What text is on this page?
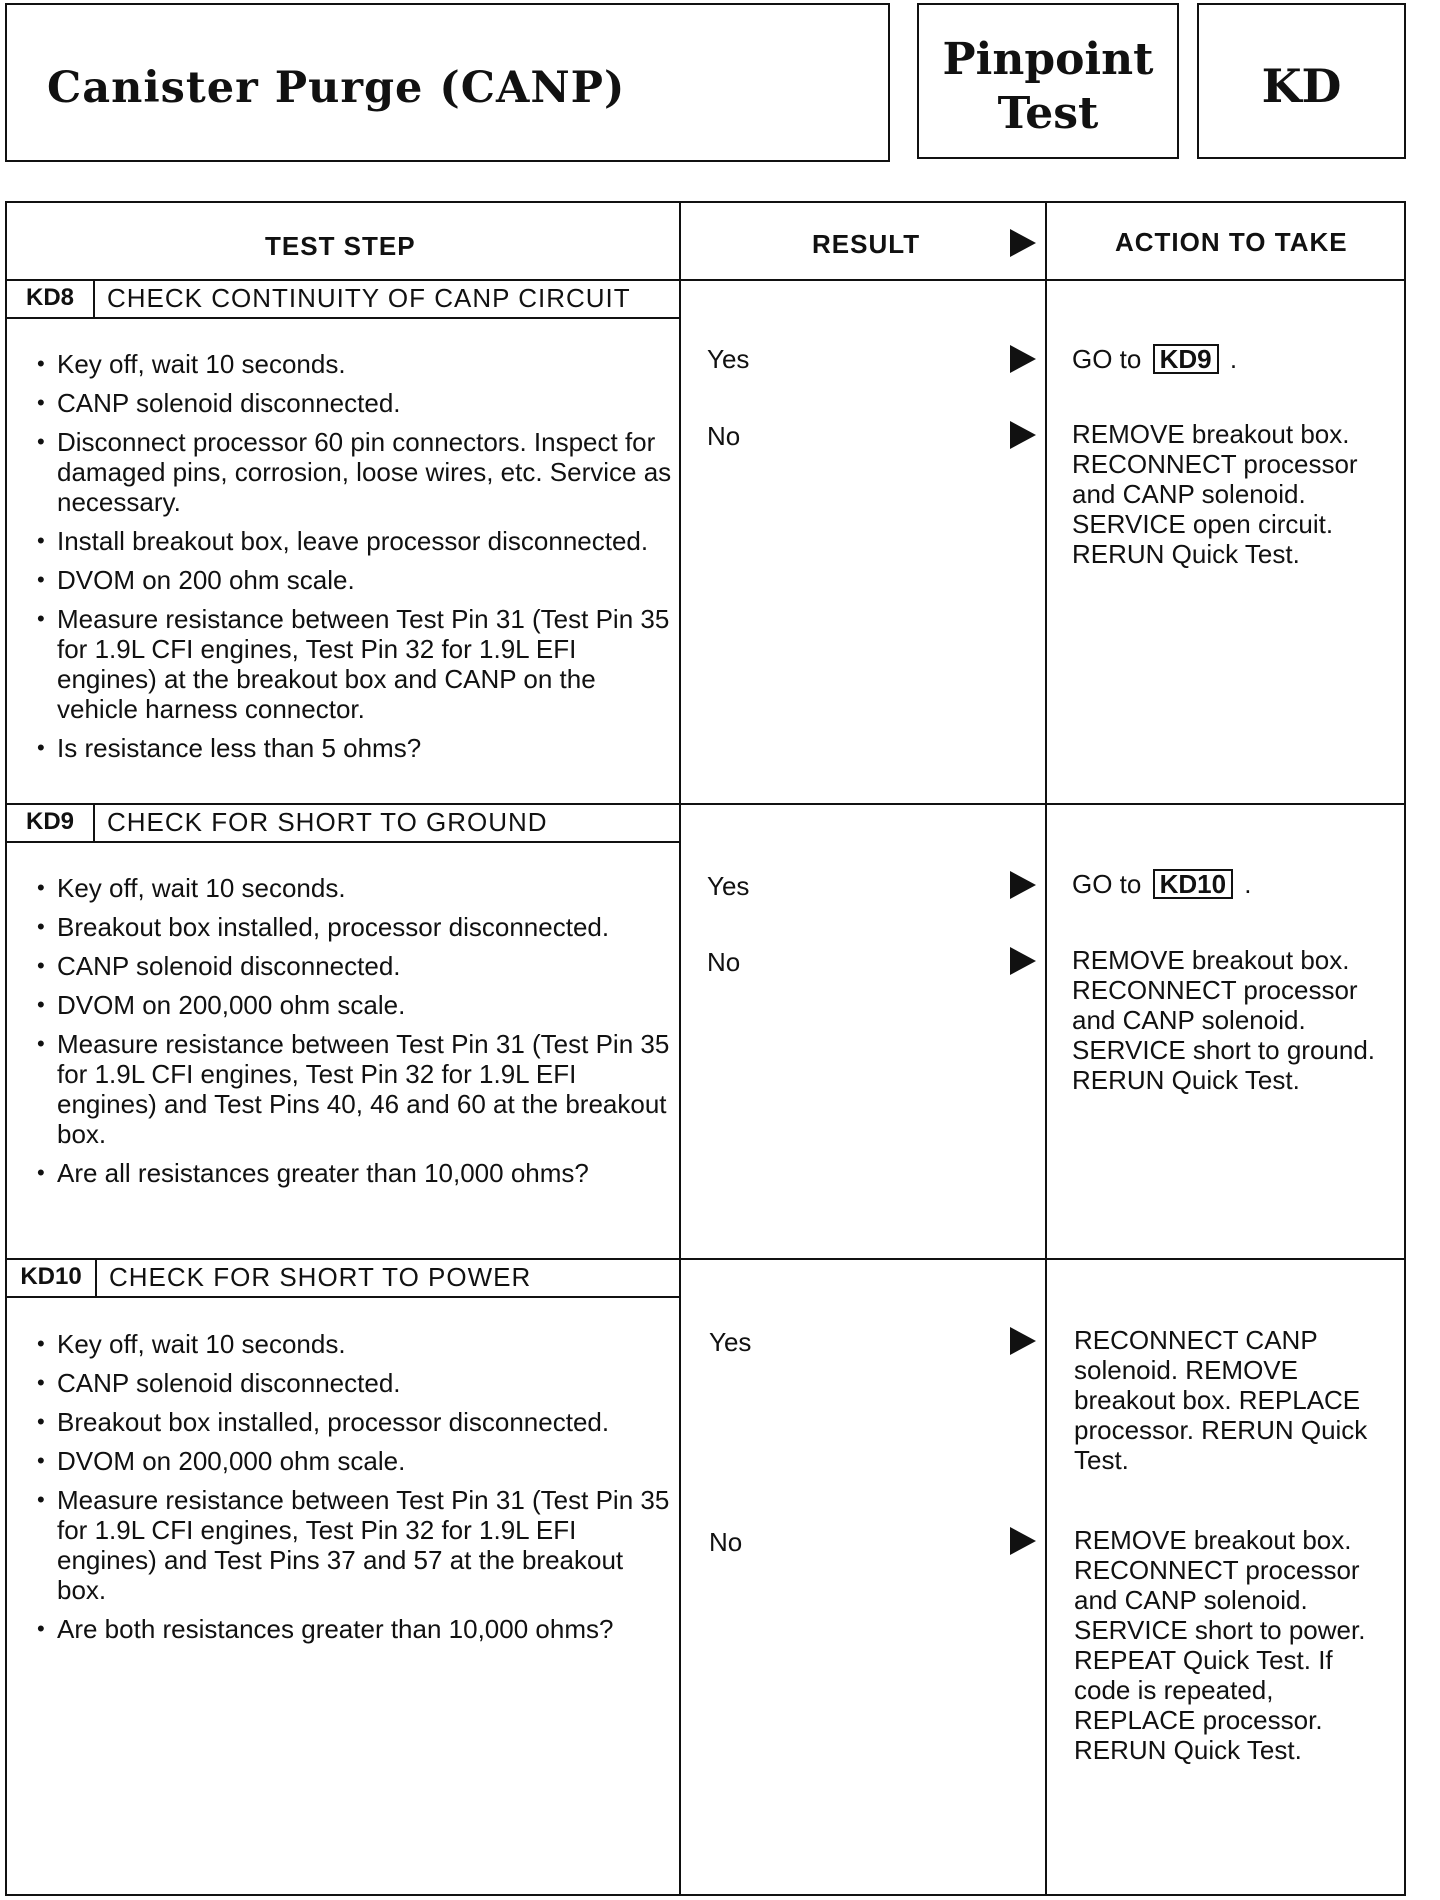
Canister Purge (CANP)
Pinpoint
Test
KD
TEST STEP	RESULT	ACTION TO TAKE
KD8	CHECK CONTINUITY OF CANP CIRCUIT
• Key off, wait 10 seconds.
• CANP solenoid disconnected.
• Disconnect processor 60 pin connectors. Inspect for damaged pins, corrosion, loose wires, etc. Service as necessary.
• Install breakout box, leave processor disconnected.
• DVOM on 200 ohm scale.
• Measure resistance between Test Pin 31 (Test Pin 35 for 1.9L CFI engines, Test Pin 32 for 1.9L EFI engines) at the breakout box and CANP on the vehicle harness connector.
• Is resistance less than 5 ohms?
Yes	GO to KD9 .
No	REMOVE breakout box. RECONNECT processor and CANP solenoid. SERVICE open circuit. RERUN Quick Test.
KD9	CHECK FOR SHORT TO GROUND
• Key off, wait 10 seconds.
• Breakout box installed, processor disconnected.
• CANP solenoid disconnected.
• DVOM on 200,000 ohm scale.
• Measure resistance between Test Pin 31 (Test Pin 35 for 1.9L CFI engines, Test Pin 32 for 1.9L EFI engines) and Test Pins 40, 46 and 60 at the breakout box.
• Are all resistances greater than 10,000 ohms?
Yes	GO to KD10 .
No	REMOVE breakout box. RECONNECT processor and CANP solenoid. SERVICE short to ground. RERUN Quick Test.
KD10	CHECK FOR SHORT TO POWER
• Key off, wait 10 seconds.
• CANP solenoid disconnected.
• Breakout box installed, processor disconnected.
• DVOM on 200,000 ohm scale.
• Measure resistance between Test Pin 31 (Test Pin 35 for 1.9L CFI engines, Test Pin 32 for 1.9L EFI engines) and Test Pins 37 and 57 at the breakout box.
• Are both resistances greater than 10,000 ohms?
Yes	RECONNECT CANP solenoid. REMOVE breakout box. REPLACE processor. RERUN Quick Test.
No	REMOVE breakout box. RECONNECT processor and CANP solenoid. SERVICE short to power. REPEAT Quick Test. If code is repeated, REPLACE processor. RERUN Quick Test.
